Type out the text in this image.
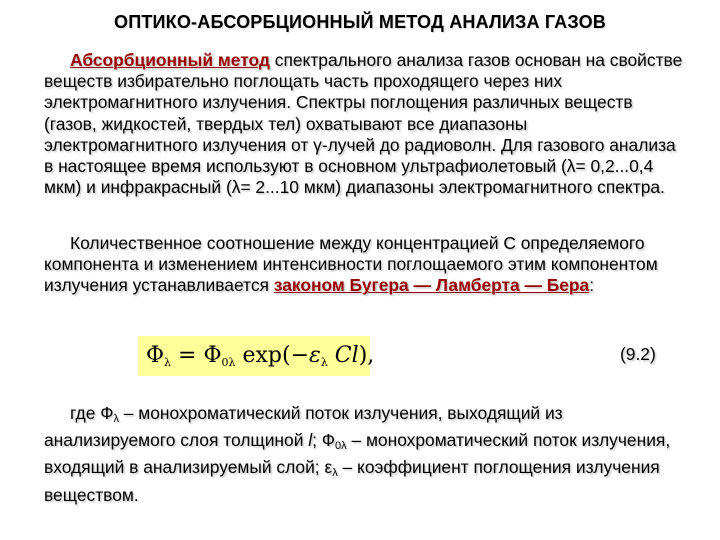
ОПТИКО-АБСОРБЦИОННЫЙ МЕТОД АНАЛИЗА ГАЗОВ
Абсорбционный метод спектрального анализа газов основан на свойстве веществ избирательно поглощать часть проходящего через них электромагнитного излучения. Спектры поглощения различных веществ (газов, жидкостей, твердых тел) охватывают все диапазоны электромагнитного излучения от γ-лучей до радиоволн. Для газового анализа в настоящее время используют в основном ультрафиолетовый (λ= 0,2...0,4 мкм) и инфракрасный (λ= 2...10 мкм) диапазоны электромагнитного спектра.
Количественное соотношение между концентрацией С определяемого компонента и изменением интенсивности поглощаемого этим компонентом излучения устанавливается законом Бугера — Ламберта — Бера:
$\Phi_\lambda = \Phi_{0\lambda}$ $\exp(-\varepsilon_\lambda$ Cl),	(9.2)
где Фλ – монохроматический поток излучения, выходящий из анализируемого слоя толщиной l; Ф0λ – монохроматический поток излучения, входящий в анализируемый слой; ελ – коэффициент поглощения излучения веществом.
